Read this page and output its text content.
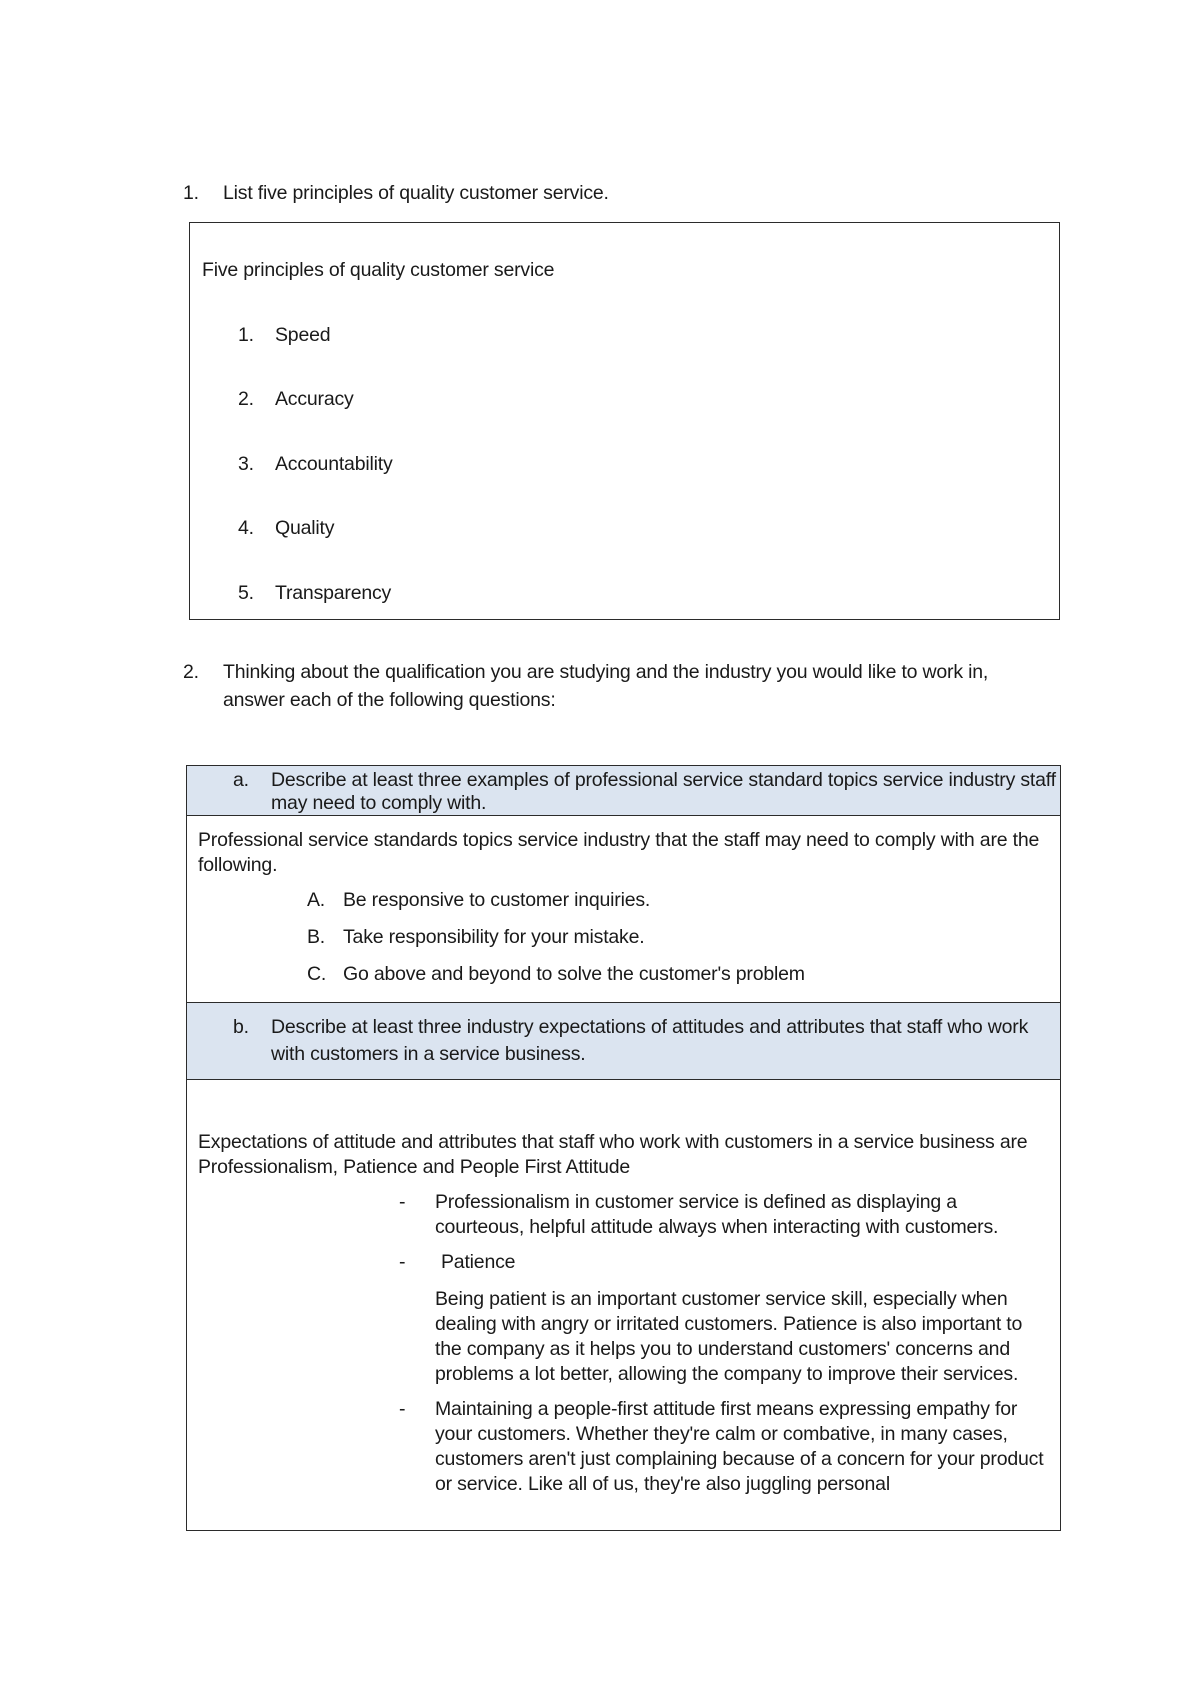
1.	List five principles of quality customer service.
Five principles of quality customer service
1.	Speed
2.	Accuracy
3.	Accountability
4.	Quality
5.	Transparency
2.	Thinking about the qualification you are studying and the industry you would like to work in, answer each of the following questions:
a.	Describe at least three examples of professional service standard topics service industry staff may need to comply with.

Professional service standards topics service industry that the staff may need to comply with are the following.
A. Be responsive to customer inquiries.
B. Take responsibility for your mistake.
C. Go above and beyond to solve the customer's problem

b.	Describe at least three industry expectations of attitudes and attributes that staff who work with customers in a service business.

Expectations of attitude and attributes that staff who work with customers in a service business are Professionalism, Patience and People First Attitude
-	Professionalism in customer service is defined as displaying a courteous, helpful attitude always when interacting with customers.
-	Patience
Being patient is an important customer service skill, especially when dealing with angry or irritated customers. Patience is also important to the company as it helps you to understand customers' concerns and problems a lot better, allowing the company to improve their services.
-	Maintaining a people-first attitude first means expressing empathy for your customers. Whether they're calm or combative, in many cases, customers aren't just complaining because of a concern for your product or service. Like all of us, they're also juggling personal
